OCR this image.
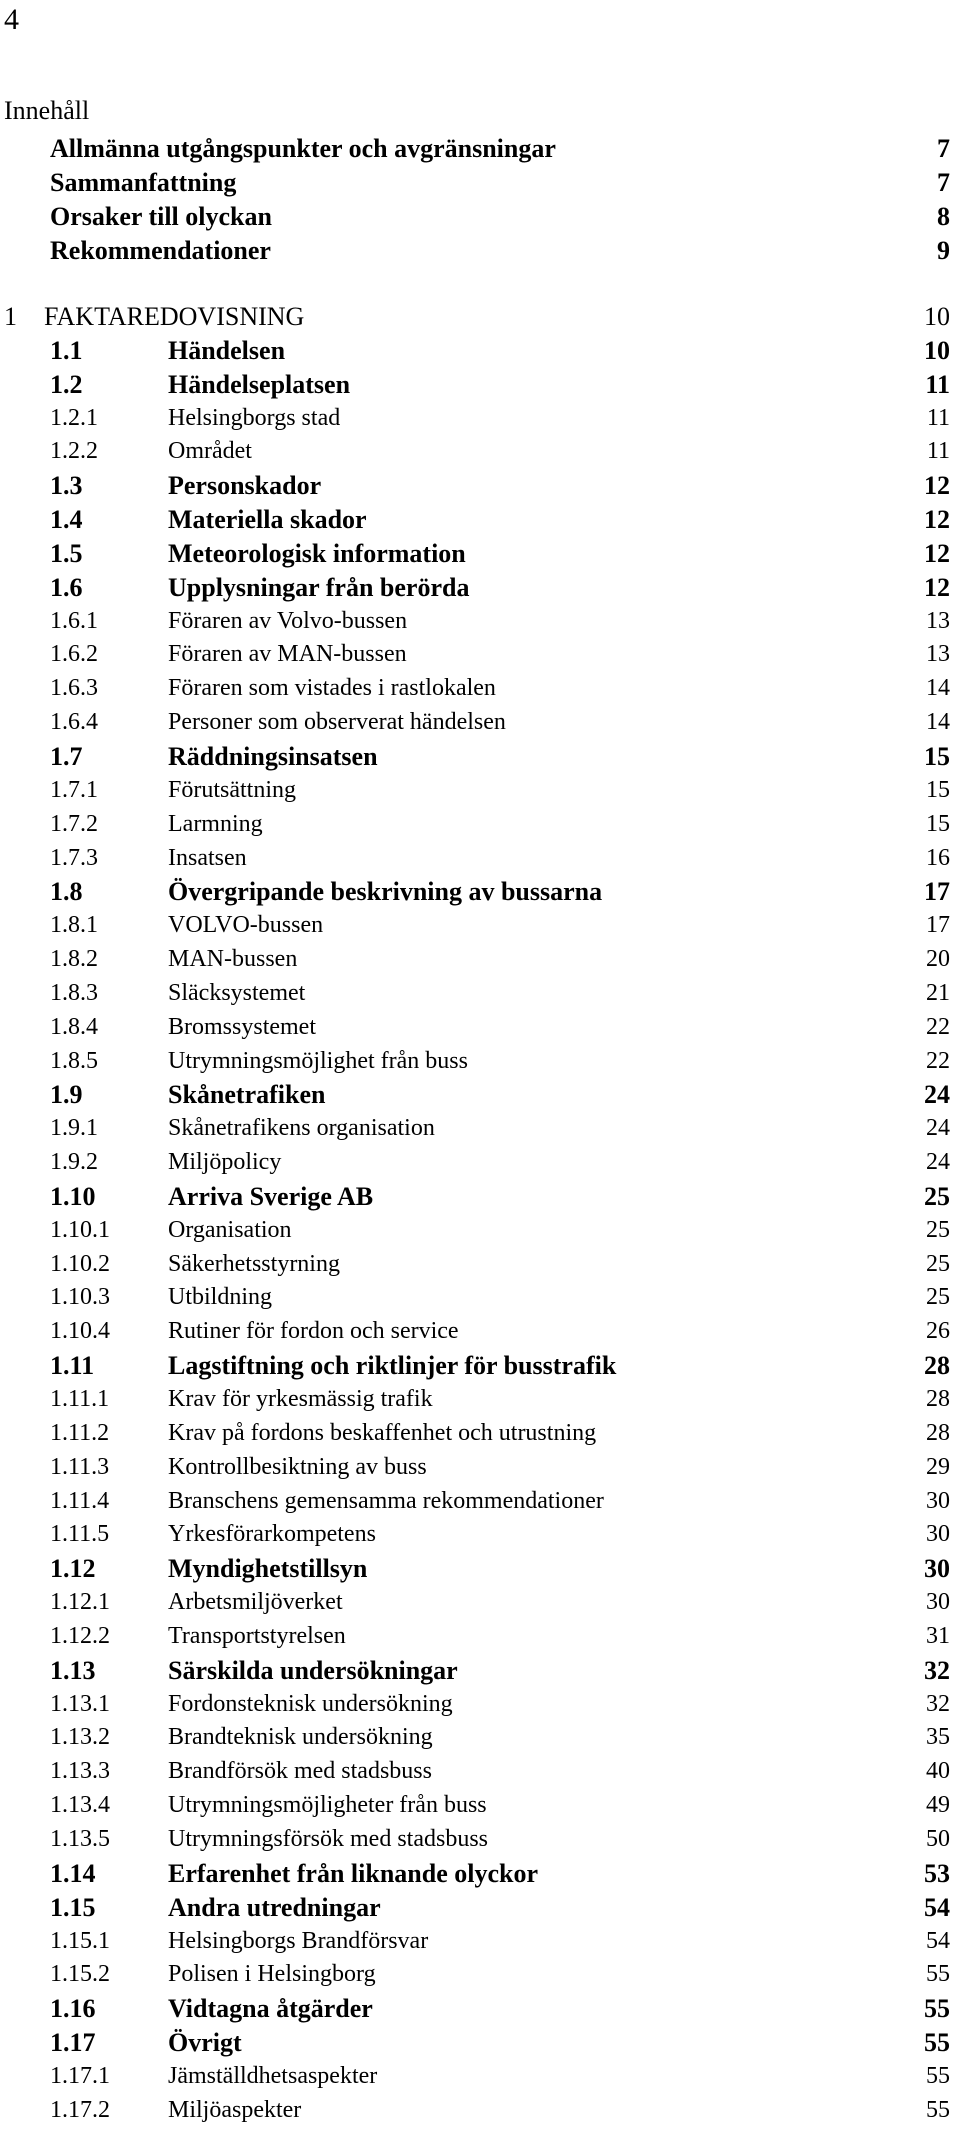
4
Innehåll
Allmänna utgångspunkter och avgränsningar	7
Sammanfattning	7
Orsaker till olyckan	8
Rekommendationer	9
1 FAKTAREDOVISNING	10
1.1	Händelsen	10
1.2	Händelseplatsen	11
1.2.1	Helsingborgs stad	11
1.2.2	Området	11
1.3	Personskador	12
1.4	Materiella skador	12
1.5	Meteorologisk information	12
1.6	Upplysningar från berörda	12
1.6.1	Föraren av Volvo-bussen	13
1.6.2	Föraren av MAN-bussen	13
1.6.3	Föraren som vistades i rastlokalen	14
1.6.4	Personer som observerat händelsen	14
1.7	Räddningsinsatsen	15
1.7.1	Förutsättning	15
1.7.2	Larmning	15
1.7.3	Insatsen	16
1.8	Övergripande beskrivning av bussarna	17
1.8.1	VOLVO-bussen	17
1.8.2	MAN-bussen	20
1.8.3	Släcksystemet	21
1.8.4	Bromssystemet	22
1.8.5	Utrymningsmöjlighet från buss	22
1.9	Skånetrafiken	24
1.9.1	Skånetrafikens organisation	24
1.9.2	Miljöpolicy	24
1.10	Arriva Sverige AB	25
1.10.1 Organisation	25
1.10.2 Säkerhetsstyrning	25
1.10.3 Utbildning	25
1.10.4 Rutiner för fordon och service	26
1.11	Lagstiftning och riktlinjer för busstrafik	28
1.11.1 Krav för yrkesmässig trafik	28
1.11.2 Krav på fordons beskaffenhet och utrustning	28
1.11.3 Kontrollbesiktning av buss	29
1.11.4 Branschens gemensamma rekommendationer	30
1.11.5 Yrkesförarkompetens	30
1.12	Myndighetstillsyn	30
1.12.1 Arbetsmiljöverket	30
1.12.2 Transportstyrelsen	31
1.13	Särskilda undersökningar	32
1.13.1 Fordonsteknisk undersökning	32
1.13.2 Brandteknisk undersökning	35
1.13.3 Brandförsök med stadsbuss	40
1.13.4 Utrymningsmöjligheter från buss	49
1.13.5 Utrymningsförsök med stadsbuss	50
1.14	Erfarenhet från liknande olyckor	53
1.15	Andra utredningar	54
1.15.1 Helsingborgs Brandförsvar	54
1.15.2 Polisen i Helsingborg	55
1.16	Vidtagna åtgärder	55
1.17	Övrigt	55
1.17.1 Jämställdhetsaspekter	55
1.17.2 Miljöaspekter	55
